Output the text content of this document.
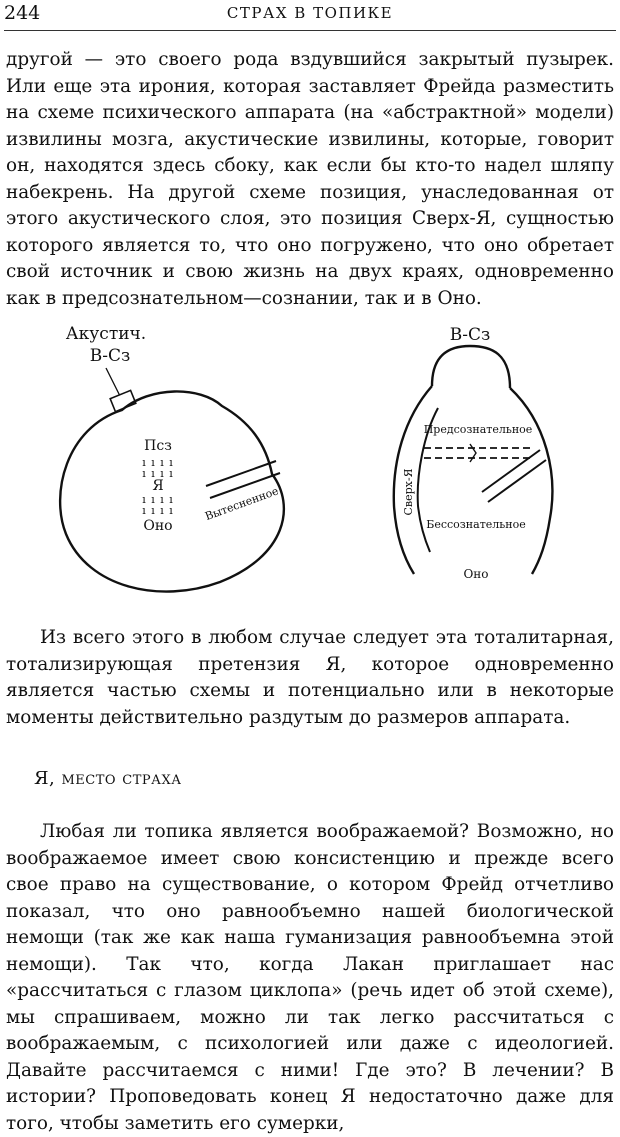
244	СТРАХ В ТОПИКЕ

другой — это своего рода вздувшийся закрытый пузырек. Или еще эта ирония, которая заставляет Фрейда разместить на схеме психического аппарата (на «абстрактной» модели) извилины мозга, акустические извилины, которые, говорит он, находятся здесь сбоку, как если бы кто-то надел шляпу набекрень. На другой схеме позиция, унаследованная от этого акустического слоя, это позиция Сверх-Я, сущностью которого является то, что оно погружено, что оно обретает свой источник и свою жизнь на двух краях, одновременно как в предсознательном—сознании, так и в Оно.

Акустич.
В-Сз
Псз
ı ı ı ı
ı ı ı ı
Я
ı ı ı ı
ı ı ı ı
Оно
Вытесненное
В-Сз
Предсознательное
Сверх-Я
Бессознательное
Оно

Из всего этого в любом случае следует эта тоталитарная, тотализирующая претензия Я, которое одновременно является частью схемы и потенциально или в некоторые моменты действительно раздутым до размеров аппарата.

Я, место страха

Любая ли топика является воображаемой? Возможно, но воображаемое имеет свою консистенцию и прежде всего свое право на существование, о котором Фрейд отчетливо показал, что оно равнообъемно нашей биологической немощи (так же как наша гуманизация равнообъемна этой немощи). Так что, когда Лакан приглашает нас «рассчитаться с глазом циклопа» (речь идет об этой схеме), мы спрашиваем, можно ли так легко рассчитаться с воображаемым, с психологией или даже с идеологией. Давайте рассчитаемся с ними! Где это? В лечении? В истории? Проповедовать конец Я недостаточно даже для того, чтобы заметить его сумерки,
